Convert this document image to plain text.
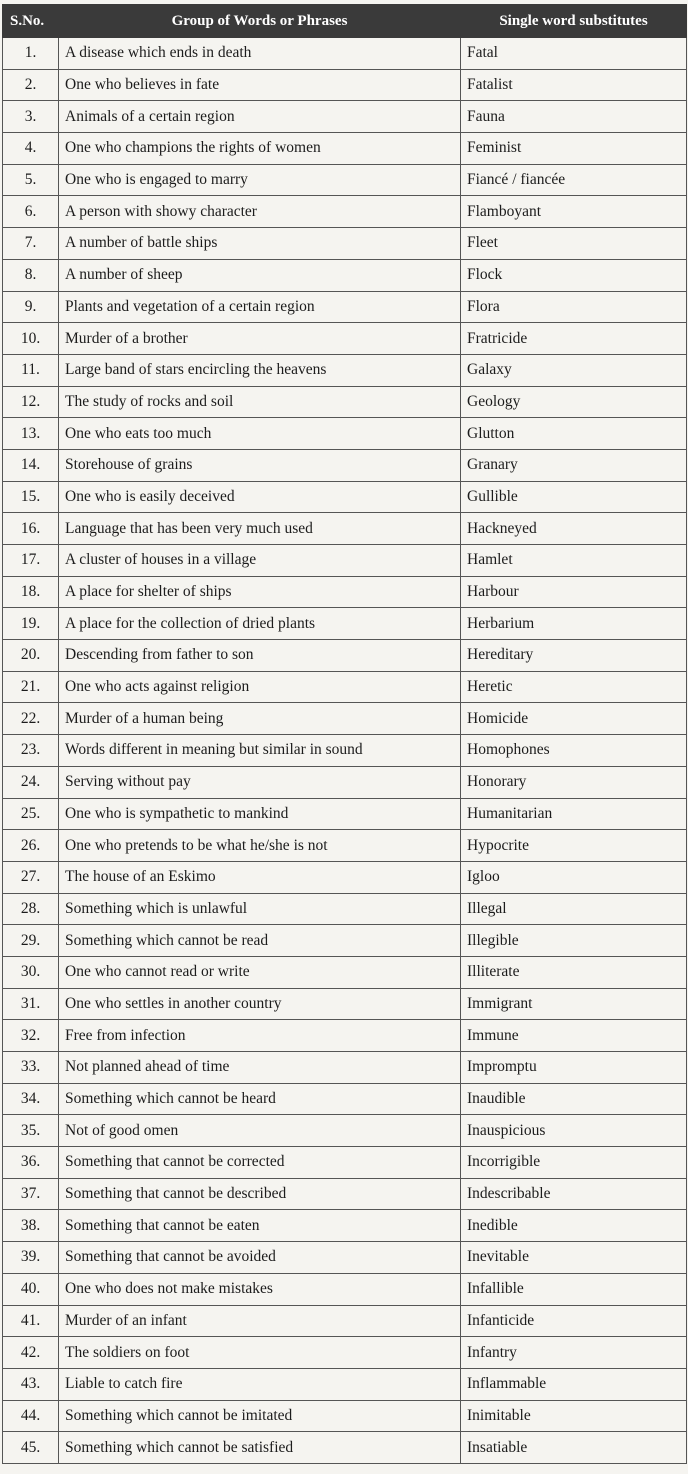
S.No.	Group of Words or Phrases	Single word substitutes
1.	A disease which ends in death	Fatal
2.	One who believes in fate	Fatalist
3.	Animals of a certain region	Fauna
4.	One who champions the rights of women	Feminist
5.	One who is engaged to marry	Fiancé / fiancée
6.	A person with showy character	Flamboyant
7.	A number of battle ships	Fleet
8.	A number of sheep	Flock
9.	Plants and vegetation of a certain region	Flora
10.	Murder of a brother	Fratricide
11.	Large band of stars encircling the heavens	Galaxy
12.	The study of rocks and soil	Geology
13.	One who eats too much	Glutton
14.	Storehouse of grains	Granary
15.	One who is easily deceived	Gullible
16.	Language that has been very much used	Hackneyed
17.	A cluster of houses in a village	Hamlet
18.	A place for shelter of ships	Harbour
19.	A place for the collection of dried plants	Herbarium
20.	Descending from father to son	Hereditary
21.	One who acts against religion	Heretic
22.	Murder of a human being	Homicide
23.	Words different in meaning but similar in sound	Homophones
24.	Serving without pay	Honorary
25.	One who is sympathetic to mankind	Humanitarian
26.	One who pretends to be what he/she is not	Hypocrite
27.	The house of an Eskimo	Igloo
28.	Something which is unlawful	Illegal
29.	Something which cannot be read	Illegible
30.	One who cannot read or write	Illiterate
31.	One who settles in another country	Immigrant
32.	Free from infection	Immune
33.	Not planned ahead of time	Impromptu
34.	Something which cannot be heard	Inaudible
35.	Not of good omen	Inauspicious
36.	Something that cannot be corrected	Incorrigible
37.	Something that cannot be described	Indescribable
38.	Something that cannot be eaten	Inedible
39.	Something that cannot be avoided	Inevitable
40.	One who does not make mistakes	Infallible
41.	Murder of an infant	Infanticide
42.	The soldiers on foot	Infantry
43.	Liable to catch fire	Inflammable
44.	Something which cannot be imitated	Inimitable
45.	Something which cannot be satisfied	Insatiable
